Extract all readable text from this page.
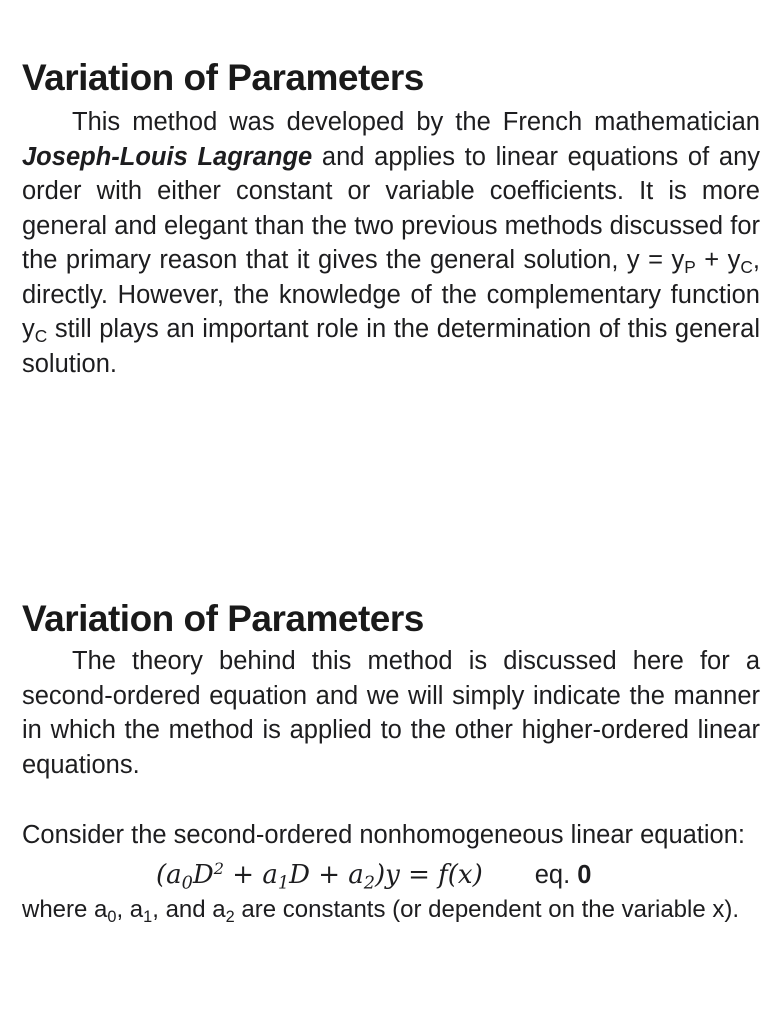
Variation of Parameters

This method was developed by the French mathematician Joseph-Louis Lagrange and applies to linear equations of any order with either constant or variable coefficients. It is more general and elegant than the two previous methods discussed for the primary reason that it gives the general solution, $y = y_P + y_C$, directly. However, the knowledge of the complementary function $y_C$ still plays an important role in the determination of this general solution.

Variation of Parameters

The theory behind this method is discussed here for a second-ordered equation and we will simply indicate the manner in which the method is applied to the other higher-ordered linear equations.

Consider the second-ordered nonhomogeneous linear equation:

$(a_0D^2 + a_1D + a_2)y = f(x)$ eq. 0

where $a_0$, $a_1$, and $a_2$ are constants (or dependent on the variable x).
